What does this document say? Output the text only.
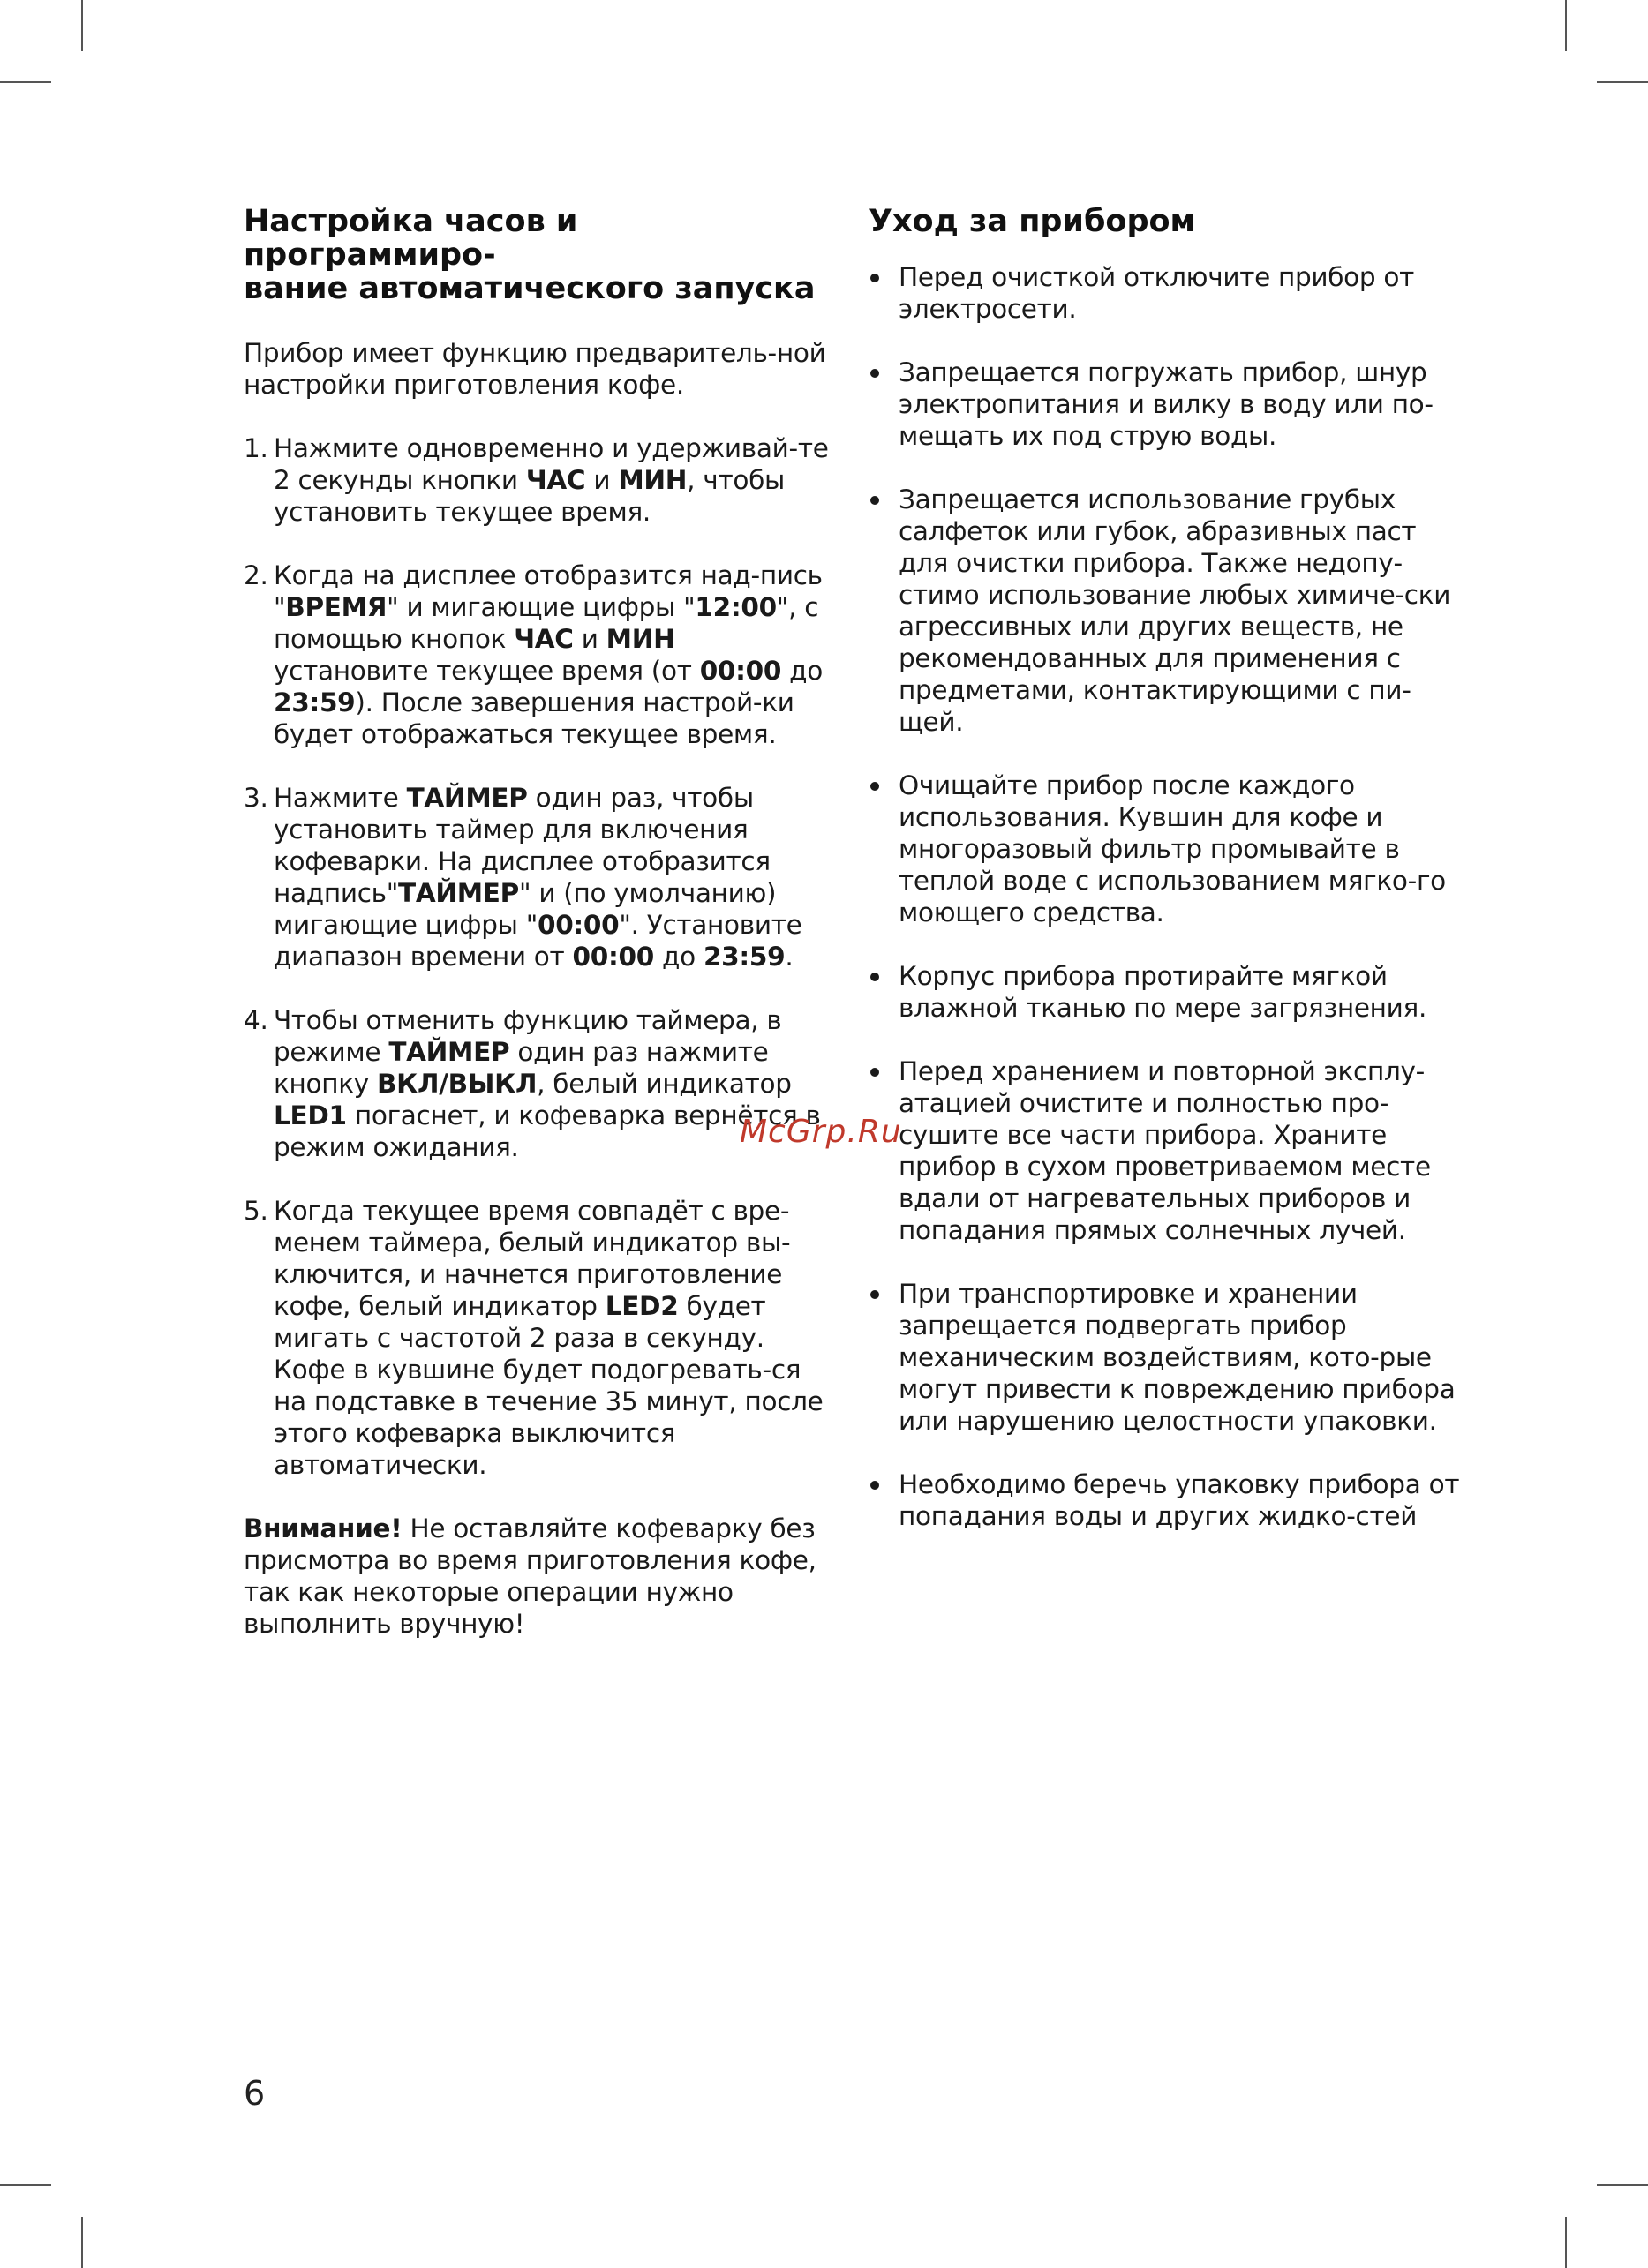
Настройка часов и программиро-
вание автоматического запуска

Прибор имеет функцию предваритель-ной настройки приготовления кофе.

1. Нажмите одновременно и удерживай-те 2 секунды кнопки ЧАС и МИН, чтобы установить текущее время.
2. Когда на дисплее отобразится над-пись "ВРЕМЯ" и мигающие цифры "12:00", с помощью кнопок ЧАС и МИН установите текущее время (от 00:00 до 23:59). После завершения настрой-ки будет отображаться текущее время.
3. Нажмите ТАЙМЕР один раз, чтобы установить таймер для включения кофеварки. На дисплее отобразится надпись"ТАЙМЕР" и (по умолчанию) мигающие цифры "00:00". Установите диапазон времени от 00:00 до 23:59.
4. Чтобы отменить функцию таймера, в режиме ТАЙМЕР один раз нажмите кнопку ВКЛ/ВЫКЛ, белый индикатор LED1 погаснет, и кофеварка вернётся в режим ожидания.
5. Когда текущее время совпадёт с вре-менем таймера, белый индикатор вы-ключится, и начнется приготовление кофе, белый индикатор LED2 будет мигать с частотой 2 раза в секунду. Кофе в кувшине будет подогревать-ся на подставке в течение 35 минут, после этого кофеварка выключится автоматически.

Внимание! Не оставляйте кофеварку без присмотра во время приготовления кофе, так как некоторые операции нужно выполнить вручную!

Уход за прибором
Перед очисткой отключите прибор от электросети.
Запрещается погружать прибор, шнур электропитания и вилку в воду или по-мещать их под струю воды.
Запрещается использование грубых салфеток или губок, абразивных паст для очистки прибора. Также недопу-стимо использование любых химиче-ски агрессивных или других веществ, не рекомендованных для применения с предметами, контактирующими с пи-щей.
Очищайте прибор после каждого использования. Кувшин для кофе и многоразовый фильтр промывайте в теплой воде с использованием мягко-го моющего средства.
Корпус прибора протирайте мягкой влажной тканью по мере загрязнения.
Перед хранением и повторной эксплу-атацией очистите и полностью про-сушите все части прибора. Храните прибор в сухом проветриваемом месте вдали от нагревательных приборов и попадания прямых солнечных лучей.
При транспортировке и хранении запрещается подвергать прибор механическим воздействиям, кото-рые могут привести к повреждению прибора или нарушению целостности упаковки.
Необходимо беречь упаковку прибора от попадания воды и других жидко-стей
McGrp.Ru
6
